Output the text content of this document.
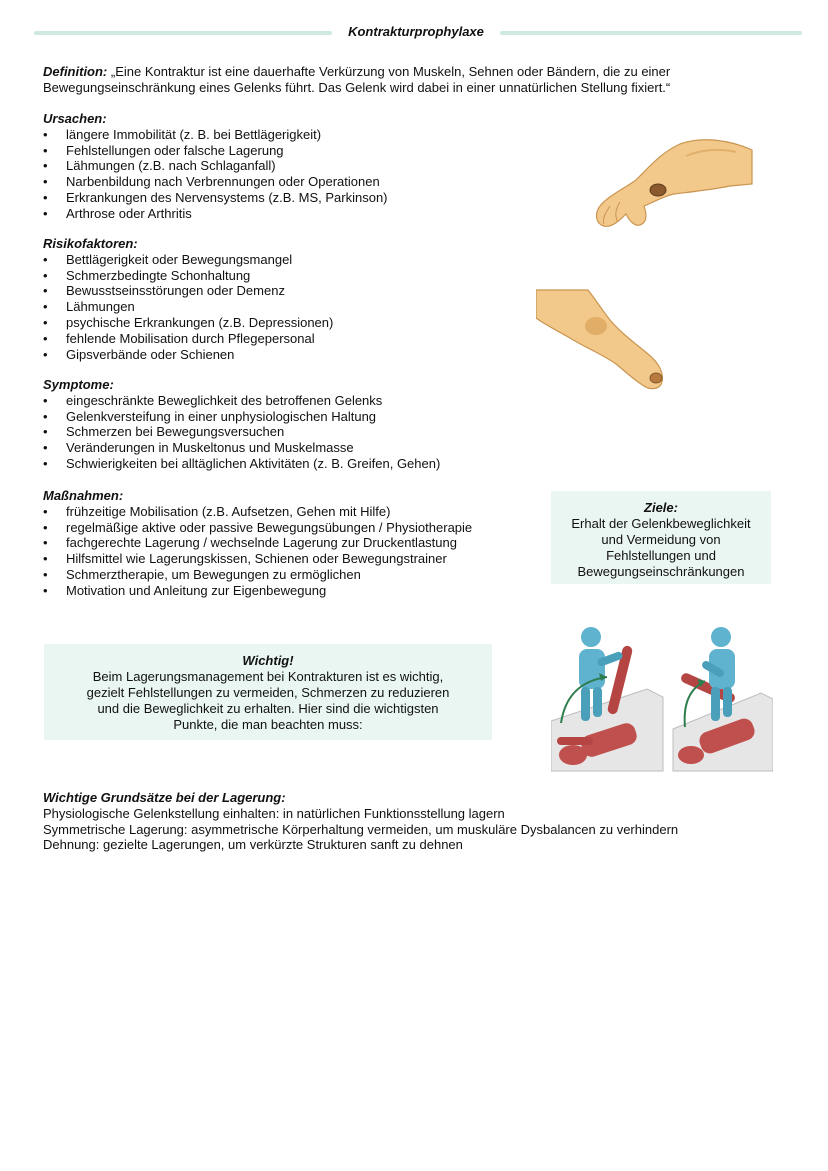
Kontrakturprophylaxe
Definition: „Eine Kontraktur ist eine dauerhafte Verkürzung von Muskeln, Sehnen oder Bändern, die zu einer Bewegungseinschränkung eines Gelenks führt. Das Gelenk wird dabei in einer unnatürlichen Stellung fixiert.“
Ursachen:
• längere Immobilität (z. B. bei Bettlägerigkeit)
• Fehlstellungen oder falsche Lagerung
• Lähmungen (z.B. nach Schlaganfall)
• Narbenbildung nach Verbrennungen oder Operationen
• Erkrankungen des Nervensystems (z.B. MS, Parkinson)
• Arthrose oder Arthritis
Risikofaktoren:
• Bettlägerigkeit oder Bewegungsmangel
• Schmerzbedingte Schonhaltung
• Bewusstseinsstörungen oder Demenz
• Lähmungen
• psychische Erkrankungen (z.B. Depressionen)
• fehlende Mobilisation durch Pflegepersonal
• Gipsverbände oder Schienen
Symptome:
• eingeschränkte Beweglichkeit des betroffenen Gelenks
• Gelenkversteifung in einer unphysiologischen Haltung
• Schmerzen bei Bewegungsversuchen
• Veränderungen in Muskeltonus und Muskelmasse
• Schwierigkeiten bei alltäglichen Aktivitäten (z. B. Greifen, Gehen)
Maßnahmen:
• frühzeitige Mobilisation (z.B. Aufsetzen, Gehen mit Hilfe)
• regelmäßige aktive oder passive Bewegungsübungen / Physiotherapie
• fachgerechte Lagerung / wechselnde Lagerung zur Druckentlastung
• Hilfsmittel wie Lagerungskissen, Schienen oder Bewegungstrainer
• Schmerztherapie, um Bewegungen zu ermöglichen
• Motivation und Anleitung zur Eigenbewegung
Ziele:
Erhalt der Gelenkbeweglichkeit und Vermeidung von Fehlstellungen und Bewegungseinschränkungen
Wichtig!
Beim Lagerungsmanagement bei Kontrakturen ist es wichtig, gezielt Fehlstellungen zu vermeiden, Schmerzen zu reduzieren und die Beweglichkeit zu erhalten. Hier sind die wichtigsten Punkte, die man beachten muss:
Wichtige Grundsätze bei der Lagerung:

Physiologische Gelenkstellung einhalten: in natürlichen Funktionsstellung lagern

Symmetrische Lagerung: asymmetrische Körperhaltung vermeiden, um muskuläre Dysbalancen zu verhindern

Dehnung: gezielte Lagerungen, um verkürzte Strukturen sanft zu dehnen
